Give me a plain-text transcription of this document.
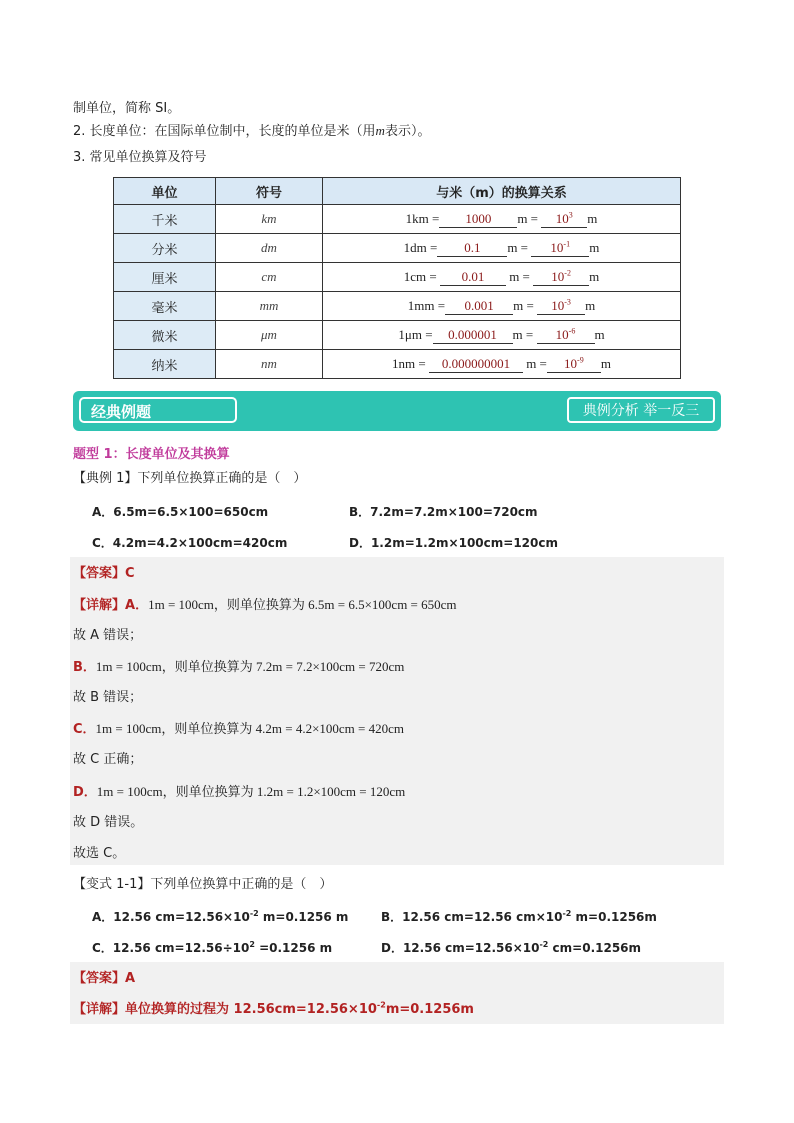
制单位，简称 SI。
2. 长度单位：在国际单位制中，长度的单位是米（用m表示）。
3. 常见单位换算及符号
单位	符号	与米（m）的换算关系
千米	km	1km = 1000 $m = 10^3$ m
分米	dm	1dm = 0.1 $m = 10^{-1}$ m
厘米	cm	1cm = 0.01 $m = 10^{-2}$ m
毫米	mm	1mm = 0.001 $m = 10^{-3}$ m
微米	μm	1μm = 0.000001 $m = 10^{-6}$ m
纳米	nm	1nm = 0.000000001 $m = 10^{-9}$ m
经典例题	典例分析 举一反三
题型 1：长度单位及其换算
【典例 1】下列单位换算正确的是（　）
A．6.5m=6.5×100=650cm	B．7.2m=7.2m×100=720cm
C．4.2m=4.2×100cm=420cm	D．1.2m=1.2m×100cm=120cm
【答案】C
【详解】A．1m = 100cm，则单位换算为 6.5m = 6.5×100cm = 650cm
故 A 错误；
B．1m = 100cm，则单位换算为 7.2m = 7.2×100cm = 720cm
故 B 错误；
C．1m = 100cm，则单位换算为 4.2m = 4.2×100cm = 420cm
故 C 正确；
D．1m = 100cm，则单位换算为 1.2m = 1.2×100cm = 120cm
故 D 错误。
故选 C。
【变式 1-1】下列单位换算中正确的是（　）
A．12.56 $cm=12.56\times 10^{-2}$ m=0.1256 m	B．12.56 cm=12.56 $cm\times 10^{-2}$ m=0.1256m
C．12.56 $cm=12.56\div 10^2 =0.1256$ m	D．12.56 $cm=12.56\times 10^{-2}$ cm=0.1256m
【答案】A
【详解】单位换算的过程为 $12.56cm=12.56\times 10^{-2}m=0.1256m$
